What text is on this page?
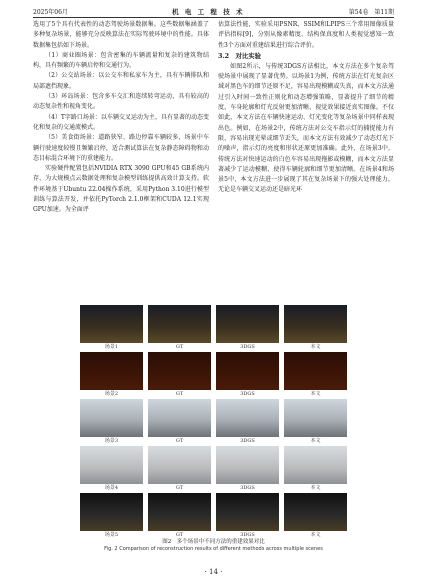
2025年06月	机 电 工 程 技 术	第54卷　第11期

选用了5个具有代表性的动态驾驶场景数据集。这些数据集涵盖了多种复杂场景，能够充分反映算法在实际驾驶环境中的性能。具体数据集包括如下场景。

（1）商业圈场景：包含密集的车辆流量和复杂的建筑物结构，具有频繁的车辆启停和交通行为。

（2）公交站场景：以公交车和私家车为主，具有车辆排队和局部遮挡现象。

（3）环岛场景：包含多车交汇和连续转弯运动，具有较高的动态复杂性和视角变化。

（4）T字路口场景：以车辆交叉运动为主，具有显著的动态变化和复杂的交通流模式。

（5）美食街场景：道路狭窄、路边停靠车辆较多，场景中车辆行驶速度较慢且频繁启停，适合测试算法在复杂静态障碍物和动态目标混合环境下的重建能力。

实验硬件配置包括NVIDIA RTX 3090 GPU和45 GB系统内存，为大规模点云数据处理和复杂模型训练提供高效计算支持。软件环境基于Ubuntu 22.04操作系统，采用Python 3.10进行模型训练与算法开发，并依托PyTorch 2.1.0框架和CUDA 12.1实现GPU加速。为全面评

估算法性能，实验采用PSNR、SSIM和LPIPS三个常用图像质量评估指标[9]，分别从像素精度、结构保真度和人类视觉感知一致性3个方面对重建结果进行综合评价。

3.2　对比实验

如图2所示，与传统3DGS方法相比，本文方法在多个复杂驾驶场景中展现了显著优势。以场景1为例，传统方法在灯光复杂区域对黑色车的细节还原不足，容易出现模糊或失真，而本文方法通过引入时间一致性正则化和动态增强策略，显著提升了细节的精度，车身轮廓和灯光反射更加清晰，视觉效果接近真实图像。不仅如此，本文方法在车辆快速运动、灯光变化等复杂场景中同样表现出色。例如，在场景2中，传统方法对公交车指示灯的捕捉能力有限，容易出现光晕或细节丢失，而本文方法有效减少了动态灯光下的噪声，指示灯的亮度和形状还原更加准确。此外，在场景3中，传统方法对快速运动的白色车容易出现拖影或模糊，而本文方法显著减少了运动模糊，使得车辆轮廓和细节更加清晰。在场景4和场景5中，本文方法进一步展现了其在复杂场景下的强大处理能力，无论是车辆交叉运动还是暗光环

场景1	GT	3DGS	本文
场景2	GT	3DGS	本文
场景3	GT	3DGS	本文
场景4	GT	3DGS	本文
场景5	GT	3DGS	本文
图2　多个场景中不同方法的重建效果对比
Fig. 2 Comparison of reconstruction results of different methods across multiple scenes
· 14 ·
